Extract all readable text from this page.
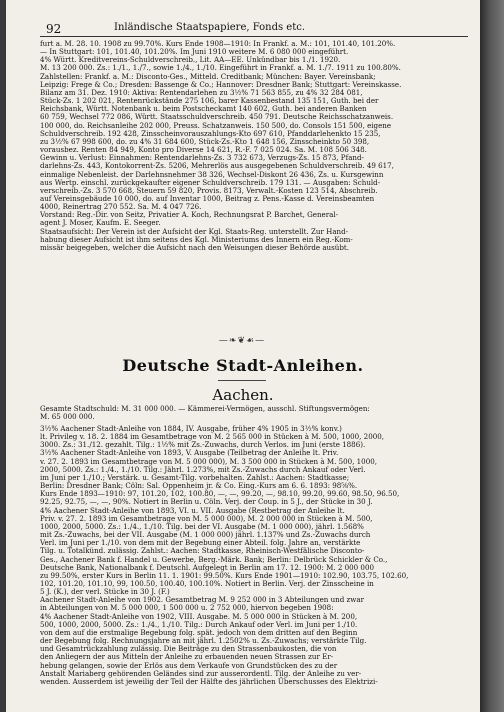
92	Inländische Staatspapiere, Fonds etc.

furt a. M. 28. 10. 1908 zu 99.70%. Kurs Ende 1908—1910: In Frankf. a. M.: 101, 101.40, 101.20%.
— In Stuttgart: 101, 101.40, 101.20%. Im Juni 1910 weitere M. 6 080 000 eingeführt.
4% Württ. Kreditvereins-Schuldverschreib., Lit. AA—EE. Unkündbar bis 1./1. 1920.
M. 13 200 000. Zs.: 1./1., 1./7., sowie 1./4., 1./10. Eingeführt in Frankf. a. M. 1./7. 1911 zu 100.80%.
Zahlstellen: Frankf. a. M.: Disconto-Ges., Mitteld. Creditbank; München: Bayer. Vereinsbank;
Leipzig: Frege & Co.; Dresden: Bassenge & Co.; Hannover: Dresdner Bank; Stuttgart: Vereinskasse.
Bilanz am 31. Dez. 1910: Aktiva: Rentendarlehen zu 3½% 71 563 855, zu 4% 32 284 081,
Stück-Zs. 1 202 021, Rentenrückstände 275 106, barer Kassenbestand 135 151, Guth. bei der
Reichsbank, Württ. Notenbank u. beim Postscheckamt 140 602, Guth. bei anderen Banken
60 759, Wechsel 772 086, Württ. Staatsschuldverschreib. 450 791. Deutsche Reichsschatzanweis.
100 000, do. Reichsanleihe 202 000, Preuss. Schatzanweis. 150 500, do. Consols 151 500, eigene
Schuldverschreib. 192 428, Zinsscheinvorauszahlungs-Kto 697 610, Pfanddarlehenkto 15 235,
zu 3½% 67 998 600, do. zu 4% 31 684 600, Stück-Zs.-Kto 1 648 156, Zinsscheinkto 50 398,
vorausbez. Renten 84 949, Konto pro Diverse 14 621, R.-F. 7 025 024. Sa. M. 108 506 348.
Gewinn u. Verlust: Einnahmen: Rentendarlehns-Zs. 3 732 673, Verzugs-Zs. 15 873, Pfand-
darlehns-Zs. 443, Kontokorrent-Zs. 5206, Mehrerlös aus ausgegebenen Schuldverschreib. 49 617,
einmalige Nebenleist. der Darlehnsnehmer 38 326, Wechsel-Diskont 26 436, Zs. u. Kursgewinn
aus Wertp. einschl. zurückgekaufter eigener Schuldverschreib. 179 131. — Ausgaben: Schuld-
verschreib.-Zs. 3 570 668, Steuern 59 820, Provis. 8173, Verwalt.-Kosten 123 514, Abschreib.
auf Vereinsgebäude 10 000, do. auf Inventar 1000, Beitrag z. Pens.-Kasse d. Vereinsbeamten
4000, Reinertrag 270 552. Sa. M. 4 047 726.
Vorstand: Reg.-Dir. von Seitz, Privatier A. Koch, Rechnungsrat P. Barchet, General-
agent J. Moser, Kaufm. E. Seeger.
Staatsaufsicht: Der Verein ist der Aufsicht der Kgl. Staats-Reg. unterstellt. Zur Hand-
habung dieser Aufsicht ist ihm seitens des Kgl. Ministeriums des Innern ein Reg.-Kom-
missär beigegeben, welcher die Aufsicht nach den Weisungen dieser Behörde ausübt.

—❧❦☙—
Deutsche Stadt-Anleihen.
Aachen.

Gesamte Stadtschuld: M. 31 000 000. — Kämmerei-Vermögen, ausschl. Stiftungsvermögen:
M. 65 000 000.

3½% Aachener Stadt-Anleihe von 1884, IV. Ausgabe, früher 4% 1905 in 3½% konv.)
lt. Privileg v. 18. 2. 1884 im Gesamtbetrage von M. 2 565 000 in Stücken à M. 500, 1000, 2000,
3000. Zs.: 31./12. gezahlt. Tilg.: 1½% mit Zs.-Zuwachs, durch Verlos. im Juni (erste 1886).
3½% Aachener Stadt-Anleihe von 1893, V. Ausgabe (Teilbetrag der Anleihe lt. Priv.
v. 27. 2. 1893 im Gesamtbetrage von M. 5 000 000), M. 3 500 000 in Stücken à M. 500, 1000,
2000, 5000. Zs.: 1./4., 1./10. Tilg.: Jährl. 1.273%, mit Zs.-Zuwachs durch Ankauf oder Verl.
im Juni per 1./10.; Verstärk. u. Gesamt-Tilg. vorbehalten. Zahlst.: Aachen: Stadtkasse;
Berlin: Dresdner Bank; Cöln: Sal. Oppenheim jr. & Co. Eing.-Kurs am 6. 6. 1893: 98⅝%.
Kurs Ende 1893—1910: 97, 101.20, 102, 100.80, —, —, 99.20, —, 98.10, 99.20, 99.60, 98.50, 96.50,
92.25, 92.75, —, —, 90%. Notiert in Berlin u. Cöln. Verj. der Coup. in 5 J., der Stücke in 30 J.
4% Aachener Stadt-Anleihe von 1893, VI. u. VII. Ausgabe (Restbetrag der Anleihe lt.
Priv. v. 27. 2. 1893 im Gesamtbetrage von M. 5 000 000), M. 2 000 000 in Stücken à M. 500,
1000, 2000, 5000. Zs.: 1./4., 1./10. Tilg. bei der VI. Ausgabe (M. 1 000 000), jährl. 1.568%
mit Zs.-Zuwachs, bei der VII. Ausgabe (M. 1 000 000) jährl. 1.137% und Zs.-Zuwachs durch
Verl. im Juni per 1./10. von dem mit der Begebung einer Abteil. folg. Jahre an, verstärkte
Tilg. u. Totalkünd. zulässig. Zahlst.: Aachen: Stadtkasse, Rheinisch-Westfälische Disconto-
Ges., Aachener Bank f. Handel u. Gewerbe, Berg.-Märk. Bank; Berlin: Delbrück Schickler & Co.,
Deutsche Bank, Nationalbank f. Deutschl. Aufgelegt in Berlin am 17. 12. 1900: M. 2 000 000
zu 99.50%, erster Kurs in Berlin 11. 1. 1901: 99.50%. Kurs Ende 1901—1910: 102.90, 103.75, 102.60,
102, 101.20, 101.10, 99, 100.50, 100.40, 100.10%. Notiert in Berlin. Verj. der Zinsscheine in
5 J. (K.), der verl. Stücke in 30 J. (F.)
Aachener Stadt-Anleihe von 1902. Gesamtbetrag M. 9 252 000 in 3 Abteilungen und zwar
in Abteilungen von M. 5 000 000, 1 500 000 u. 2 752 000, hiervon begeben 1908:
4% Aachener Stadt-Anleihe von 1902, VIII. Ausgabe. M. 5 000 000 in Stücken à M. 200,
500, 1000, 2000, 5000. Zs.: 1./4., 1./10. Tilg.: Durch Ankauf oder Verl. im Juni per 1./10.
von dem auf die erstmalige Begebung folg. spät. jedoch von dem dritten auf den Beginn
der Begebung folg. Rechnungsjahre an mit jährl. 1.2502% u. Zs.-Zuwachs; verstärkte Tilg.
und Gesamtrückzahlung zulässig. Die Beiträge zu den Strassenbaukosten, die von
den Anliegern der aus Mitteln der Anleihe zu erbauenden neuen Strassen zur Er-
hebung gelangen, sowie der Erlös aus dem Verkaufe von Grundstücken des zu der
Anstalt Mariaberg gehörenden Geländes sind zur ausserordentl. Tilg. der Anleihe zu ver-
wenden. Ausserdem ist jeweilig der Teil der Hälfte des jährlichen Überschusses des Elektrizi-
